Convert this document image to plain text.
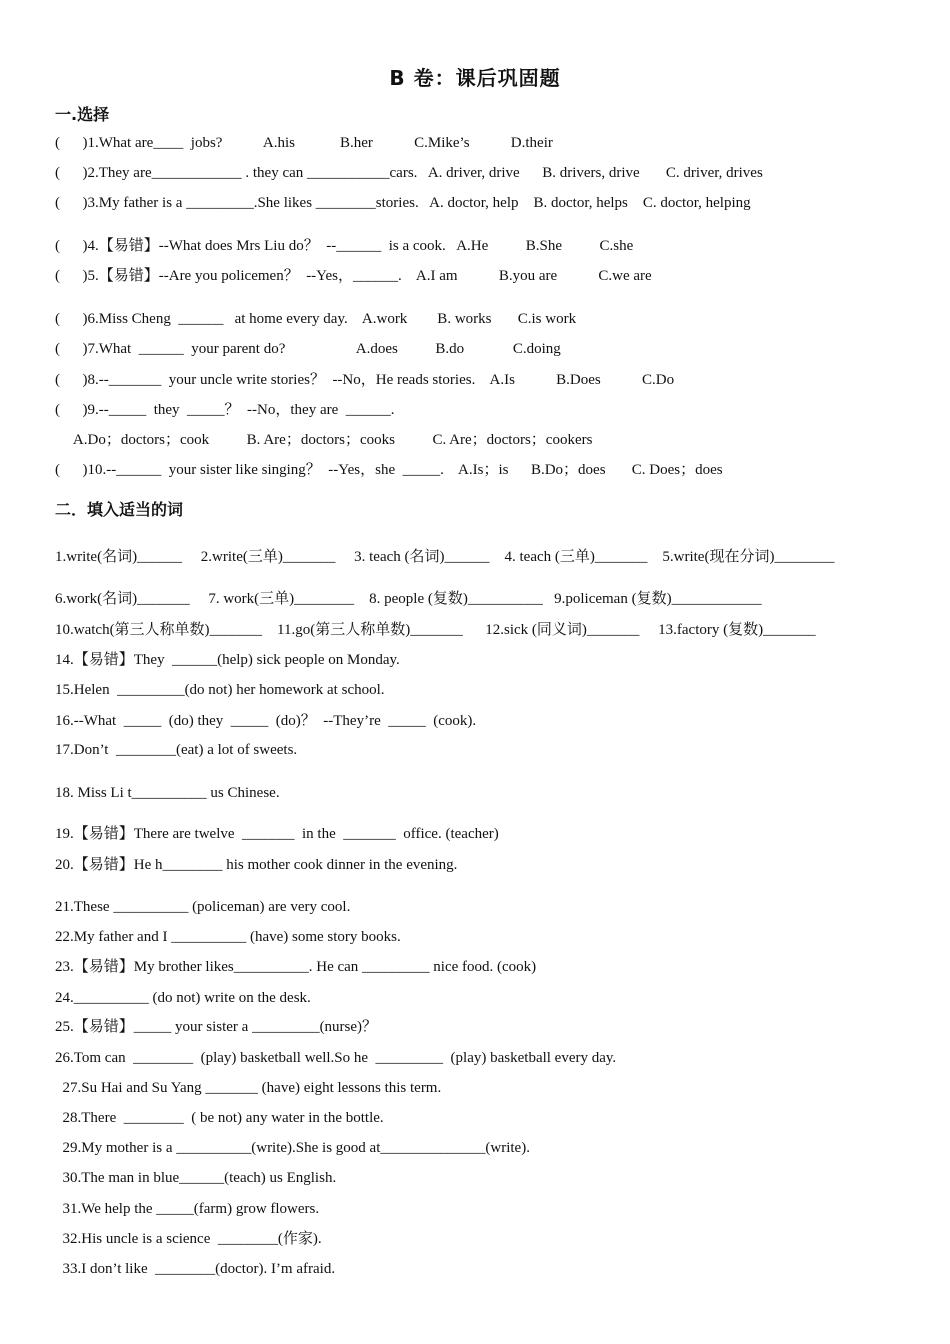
B 卷：课后巩固题
一.选择
(      )1.What are____  jobs?           A.his            B.her           C.Mike’s           D.their
(      )2.They are____________ . they can ___________cars.   A. driver, drive      B. drivers, drive       C. driver, drives
(      )3.My father is a _________.She likes ________stories.   A. doctor, help    B. doctor, helps    C. doctor, helping
(      )4.【易错】--What does Mrs Liu do？  --______  is a cook.   A.He          B.She          C.she
(      )5.【易错】--Are you policemen？  --Yes，______.    A.I am           B.you are           C.we are
(      )6.Miss Cheng  ______   at home every day.    A.work        B. works       C.is work
(      )7.What  ______  your parent do?                   A.does          B.do             C.doing
(      )8.--_______  your uncle write stories？  --No，He reads stories.    A.Is           B.Does           C.Do
(      )9.--_____  they  _____？  --No，they are  ______.
A.Do；doctors；cook          B. Are；doctors；cooks          C. Are；doctors；cookers
(      )10.--______  your sister like singing？  --Yes，she  _____.    A.Is；is      B.Do；does       C. Does；does
二．填入适当的词
1.write(名词)______     2.write(三单)_______     3. teach (名词)______    4. teach (三单)_______    5.write(现在分词)________
6.work(名词)_______     7. work(三单)________    8. people (复数)__________   9.policeman (复数)____________
10.watch(第三人称单数)_______    11.go(第三人称单数)_______      12.sick (同义词)_______     13.factory (复数)_______
14.【易错】They  ______(help) sick people on Monday.
15.Helen  _________(do not) her homework at school.
16.--What  _____  (do) they  _____  (do)？  --They’re  _____  (cook).
17.Don’t  ________(eat) a lot of sweets.
18. Miss Li t__________ us Chinese.
19.【易错】There are twelve  _______  in the  _______  office. (teacher)
20.【易错】He h________ his mother cook dinner in the evening.
21.These __________ (policeman) are very cool.
22.My father and I __________ (have) some story books.
23.【易错】My brother likes__________. He can _________ nice food. (cook)
24.__________ (do not) write on the desk.
25.【易错】_____ your sister a _________(nurse)？
26.Tom can  ________  (play) basketball well.So he  _________  (play) basketball every day.
27.Su Hai and Su Yang _______ (have) eight lessons this term.
28.There  ________  ( be not) any water in the bottle.
29.My mother is a __________(write).She is good at______________(write).
30.The man in blue______(teach) us English.
31.We help the _____(farm) grow flowers.
32.His uncle is a science  ________(作家).
33.I don’t like  ________(doctor). I’m afraid.
